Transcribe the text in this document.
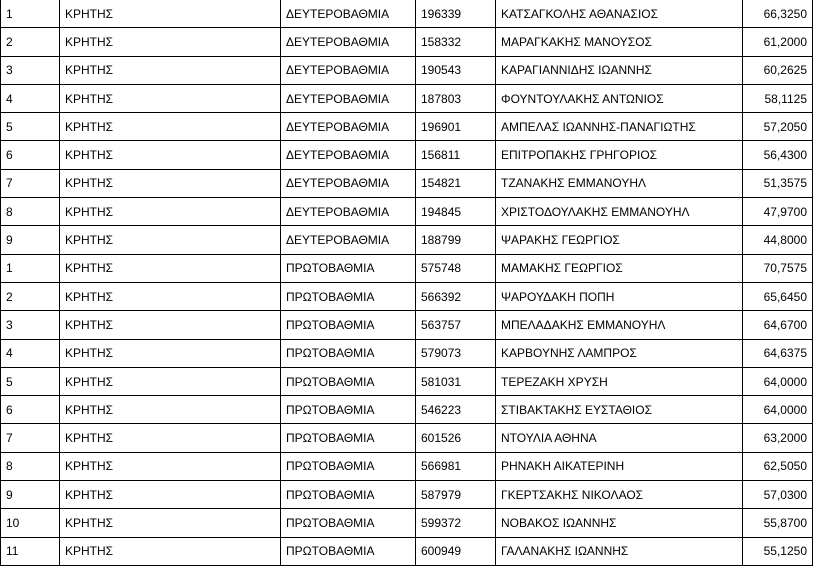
1	ΚΡΗΤΗΣ	ΔΕΥΤΕΡΟΒΑΘΜΙΑ	196339	ΚΑΤΣΑΓΚΟΛΗΣ ΑΘΑΝΑΣΙΟΣ	66,3250
2	ΚΡΗΤΗΣ	ΔΕΥΤΕΡΟΒΑΘΜΙΑ	158332	ΜΑΡΑΓΚΑΚΗΣ ΜΑΝΟΥΣΟΣ	61,2000
3	ΚΡΗΤΗΣ	ΔΕΥΤΕΡΟΒΑΘΜΙΑ	190543	ΚΑΡΑΓΙΑΝΝΙΔΗΣ ΙΩΑΝΝΗΣ	60,2625
4	ΚΡΗΤΗΣ	ΔΕΥΤΕΡΟΒΑΘΜΙΑ	187803	ΦΟΥΝΤΟΥΛΑΚΗΣ ΑΝΤΩΝΙΟΣ	58,1125
5	ΚΡΗΤΗΣ	ΔΕΥΤΕΡΟΒΑΘΜΙΑ	196901	ΑΜΠΕΛΑΣ ΙΩΑΝΝΗΣ-ΠΑΝΑΓΙΩΤΗΣ	57,2050
6	ΚΡΗΤΗΣ	ΔΕΥΤΕΡΟΒΑΘΜΙΑ	156811	ΕΠΙΤΡΟΠΑΚΗΣ ΓΡΗΓΟΡΙΟΣ	56,4300
7	ΚΡΗΤΗΣ	ΔΕΥΤΕΡΟΒΑΘΜΙΑ	154821	ΤΖΑΝΑΚΗΣ ΕΜΜΑΝΟΥΗΛ	51,3575
8	ΚΡΗΤΗΣ	ΔΕΥΤΕΡΟΒΑΘΜΙΑ	194845	ΧΡΙΣΤΟΔΟΥΛΑΚΗΣ ΕΜΜΑΝΟΥΗΛ	47,9700
9	ΚΡΗΤΗΣ	ΔΕΥΤΕΡΟΒΑΘΜΙΑ	188799	ΨΑΡΑΚΗΣ ΓΕΩΡΓΙΟΣ	44,8000
1	ΚΡΗΤΗΣ	ΠΡΩΤΟΒΑΘΜΙΑ	575748	ΜΑΜΑΚΗΣ ΓΕΩΡΓΙΟΣ	70,7575
2	ΚΡΗΤΗΣ	ΠΡΩΤΟΒΑΘΜΙΑ	566392	ΨΑΡΟΥΔΑΚΗ ΠΟΠΗ	65,6450
3	ΚΡΗΤΗΣ	ΠΡΩΤΟΒΑΘΜΙΑ	563757	ΜΠΕΛΑΔΑΚΗΣ ΕΜΜΑΝΟΥΗΛ	64,6700
4	ΚΡΗΤΗΣ	ΠΡΩΤΟΒΑΘΜΙΑ	579073	ΚΑΡΒΟΥΝΗΣ ΛΑΜΠΡΟΣ	64,6375
5	ΚΡΗΤΗΣ	ΠΡΩΤΟΒΑΘΜΙΑ	581031	ΤΕΡΕΖΑΚΗ ΧΡΥΣΗ	64,0000
6	ΚΡΗΤΗΣ	ΠΡΩΤΟΒΑΘΜΙΑ	546223	ΣΤΙΒΑΚΤΑΚΗΣ ΕΥΣΤΑΘΙΟΣ	64,0000
7	ΚΡΗΤΗΣ	ΠΡΩΤΟΒΑΘΜΙΑ	601526	ΝΤΟΥΛΙΑ ΑΘΗΝΑ	63,2000
8	ΚΡΗΤΗΣ	ΠΡΩΤΟΒΑΘΜΙΑ	566981	ΡΗΝΑΚΗ ΑΙΚΑΤΕΡΙΝΗ	62,5050
9	ΚΡΗΤΗΣ	ΠΡΩΤΟΒΑΘΜΙΑ	587979	ΓΚΕΡΤΣΑΚΗΣ ΝΙΚΟΛΑΟΣ	57,0300
10	ΚΡΗΤΗΣ	ΠΡΩΤΟΒΑΘΜΙΑ	599372	ΝΟΒΑΚΟΣ ΙΩΑΝΝΗΣ	55,8700
11	ΚΡΗΤΗΣ	ΠΡΩΤΟΒΑΘΜΙΑ	600949	ΓΑΛΑΝΑΚΗΣ ΙΩΑΝΝΗΣ	55,1250
